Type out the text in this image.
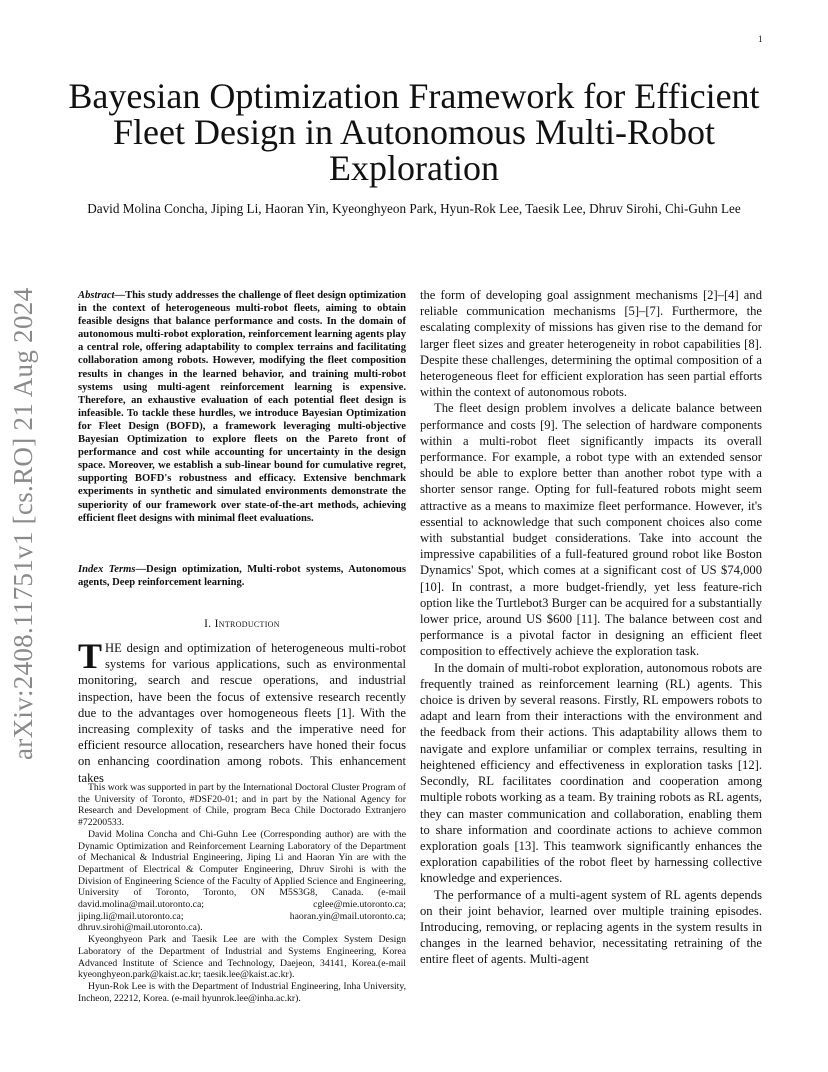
1
arXiv:2408.11751v1 [cs.RO] 21 Aug 2024
Bayesian Optimization Framework for Efficient Fleet Design in Autonomous Multi-Robot Exploration
David Molina Concha, Jiping Li, Haoran Yin, Kyeonghyeon Park, Hyun-Rok Lee, Taesik Lee, Dhruv Sirohi, Chi-Guhn Lee
Abstract—This study addresses the challenge of fleet design optimization in the context of heterogeneous multi-robot fleets, aiming to obtain feasible designs that balance performance and costs. In the domain of autonomous multi-robot exploration, reinforcement learning agents play a central role, offering adaptability to complex terrains and facilitating collaboration among robots. However, modifying the fleet composition results in changes in the learned behavior, and training multi-robot systems using multi-agent reinforcement learning is expensive. Therefore, an exhaustive evaluation of each potential fleet design is infeasible. To tackle these hurdles, we introduce Bayesian Optimization for Fleet Design (BOFD), a framework leveraging multi-objective Bayesian Optimization to explore fleets on the Pareto front of performance and cost while accounting for uncertainty in the design space. Moreover, we establish a sub-linear bound for cumulative regret, supporting BOFD's robustness and efficacy. Extensive benchmark experiments in synthetic and simulated environments demonstrate the superiority of our framework over state-of-the-art methods, achieving efficient fleet designs with minimal fleet evaluations.
Index Terms—Design optimization, Multi-robot systems, Autonomous agents, Deep reinforcement learning.
I. Introduction
THE design and optimization of heterogeneous multi-robot systems for various applications, such as environmental monitoring, search and rescue operations, and industrial inspection, have been the focus of extensive research recently due to the advantages over homogeneous fleets [1]. With the increasing complexity of tasks and the imperative need for efficient resource allocation, researchers have honed their focus on enhancing coordination among robots. This enhancement takes

This work was supported in part by the International Doctoral Cluster Program of the University of Toronto, #DSF20-01; and in part by the National Agency for Research and Development of Chile, program Beca Chile Doctorado Extranjero #72200533.

David Molina Concha and Chi-Guhn Lee (Corresponding author) are with the Dynamic Optimization and Reinforcement Learning Laboratory of the Department of Mechanical & Industrial Engineering, Jiping Li and Haoran Yin are with the Department of Electrical & Computer Engineering, Dhruv Sirohi is with the Division of Engineering Science of the Faculty of Applied Science and Engineering, University of Toronto, Toronto, ON M5S3G8, Canada. (e-mail david.molina@mail.utoronto.ca; cglee@mie.utoronto.ca; jiping.li@mail.utoronto.ca; haoran.yin@mail.utoronto.ca; dhruv.sirohi@mail.utoronto.ca).

Kyeonghyeon Park and Taesik Lee are with the Complex System Design Laboratory of the Department of Industrial and Systems Engineering, Korea Advanced Institute of Science and Technology, Daejeon, 34141, Korea.(e-mail kyeonghyeon.park@kaist.ac.kr; taesik.lee@kaist.ac.kr).

Hyun-Rok Lee is with the Department of Industrial Engineering, Inha University, Incheon, 22212, Korea. (e-mail hyunrok.lee@inha.ac.kr).

the form of developing goal assignment mechanisms [2]–[4] and reliable communication mechanisms [5]–[7]. Furthermore, the escalating complexity of missions has given rise to the demand for larger fleet sizes and greater heterogeneity in robot capabilities [8]. Despite these challenges, determining the optimal composition of a heterogeneous fleet for efficient exploration has seen partial efforts within the context of autonomous robots.

The fleet design problem involves a delicate balance between performance and costs [9]. The selection of hardware components within a multi-robot fleet significantly impacts its overall performance. For example, a robot type with an extended sensor should be able to explore better than another robot type with a shorter sensor range. Opting for full-featured robots might seem attractive as a means to maximize fleet performance. However, it's essential to acknowledge that such component choices also come with substantial budget considerations. Take into account the impressive capabilities of a full-featured ground robot like Boston Dynamics' Spot, which comes at a significant cost of US $74,000 [10]. In contrast, a more budget-friendly, yet less feature-rich option like the Turtlebot3 Burger can be acquired for a substantially lower price, around US $600 [11]. The balance between cost and performance is a pivotal factor in designing an efficient fleet composition to effectively achieve the exploration task.

In the domain of multi-robot exploration, autonomous robots are frequently trained as reinforcement learning (RL) agents. This choice is driven by several reasons. Firstly, RL empowers robots to adapt and learn from their interactions with the environment and the feedback from their actions. This adaptability allows them to navigate and explore unfamiliar or complex terrains, resulting in heightened efficiency and effectiveness in exploration tasks [12]. Secondly, RL facilitates coordination and cooperation among multiple robots working as a team. By training robots as RL agents, they can master communication and collaboration, enabling them to share information and coordinate actions to achieve common exploration goals [13]. This teamwork significantly enhances the exploration capabilities of the robot fleet by harnessing collective knowledge and experiences.

The performance of a multi-agent system of RL agents depends on their joint behavior, learned over multiple training episodes. Introducing, removing, or replacing agents in the system results in changes in the learned behavior, necessitating retraining of the entire fleet of agents. Multi-agent
